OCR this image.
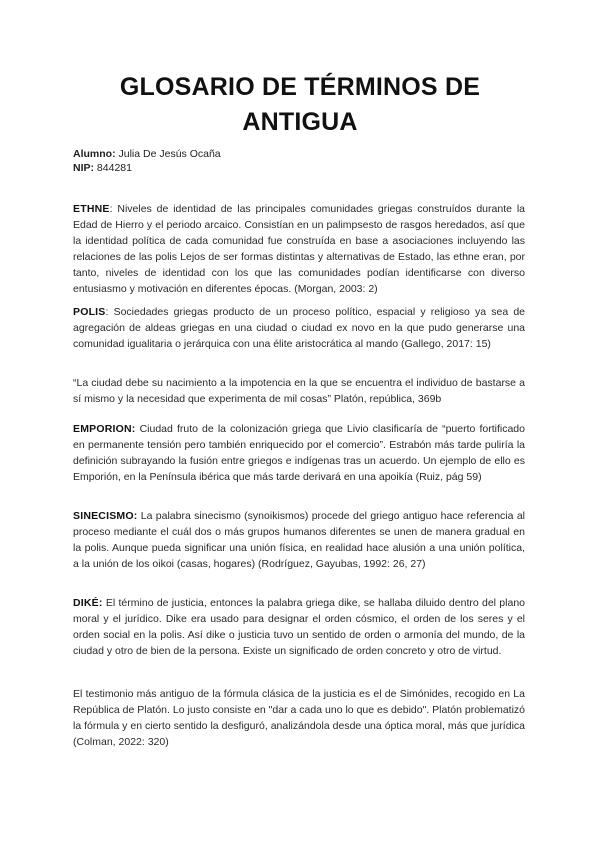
GLOSARIO DE TÉRMINOS DE ANTIGUA
Alumno: Julia De Jesús Ocaña
NIP: 844281
ETHNE: Niveles de identidad de las principales comunidades griegas construídos durante la Edad de Hierro y el periodo arcaico. Consistían en un palimpsesto de rasgos heredados, así que la identidad política de cada comunidad fue construída en base a asociaciones incluyendo las relaciones de las polis Lejos de ser formas distintas y alternativas de Estado, las ethne eran, por tanto, niveles de identidad con los que las comunidades podían identificarse con diverso entusiasmo y motivación en diferentes épocas. (Morgan, 2003: 2)
POLIS: Sociedades griegas producto de un proceso político, espacial y religioso ya sea de agregación de aldeas griegas en una ciudad o ciudad ex novo en la que pudo generarse una comunidad igualitaria o jerárquica con una élite aristocrática al mando (Gallego, 2017: 15)
“La ciudad debe su nacimiento a la impotencia en la que se encuentra el individuo de bastarse a sí mismo y la necesidad que experimenta de mil cosas” Platón, república, 369b
EMPORION: Ciudad fruto de la colonización griega que Livio clasificaría de “puerto fortificado en permanente tensión pero también enriquecido por el comercio”. Estrabón más tarde puliría la definición subrayando la fusión entre griegos e indígenas tras un acuerdo. Un ejemplo de ello es Emporión, en la Península ibérica que más tarde derivará en una apoikía (Ruiz, pág 59)
SINECISMO: La palabra sinecismo (synoikismos) procede del griego antiguo hace referencia al proceso mediante el cuál dos o más grupos humanos diferentes se unen de manera gradual en la polis. Aunque pueda significar una unión física, en realidad hace alusión a una unión política, a la unión de los oikoi (casas, hogares) (Rodríguez, Gayubas, 1992: 26, 27)
DIKÉ: El término de justicia, entonces la palabra griega dike, se hallaba diluido dentro del plano moral y el jurídico. Dike era usado para designar el orden cósmico, el orden de los seres y el orden social en la polis. Así dike o justicia tuvo un sentido de orden o armonía del mundo, de la ciudad y otro de bien de la persona. Existe un significado de orden concreto y otro de virtud.
El testimonio más antiguo de la fórmula clásica de la justicia es el de Simónides, recogido en La República de Platón. Lo justo consiste en "dar a cada uno lo que es debido". Platón problematizó la fórmula y en cierto sentido la desfiguró, analizándola desde una óptica moral, más que jurídica (Colman, 2022: 320)
